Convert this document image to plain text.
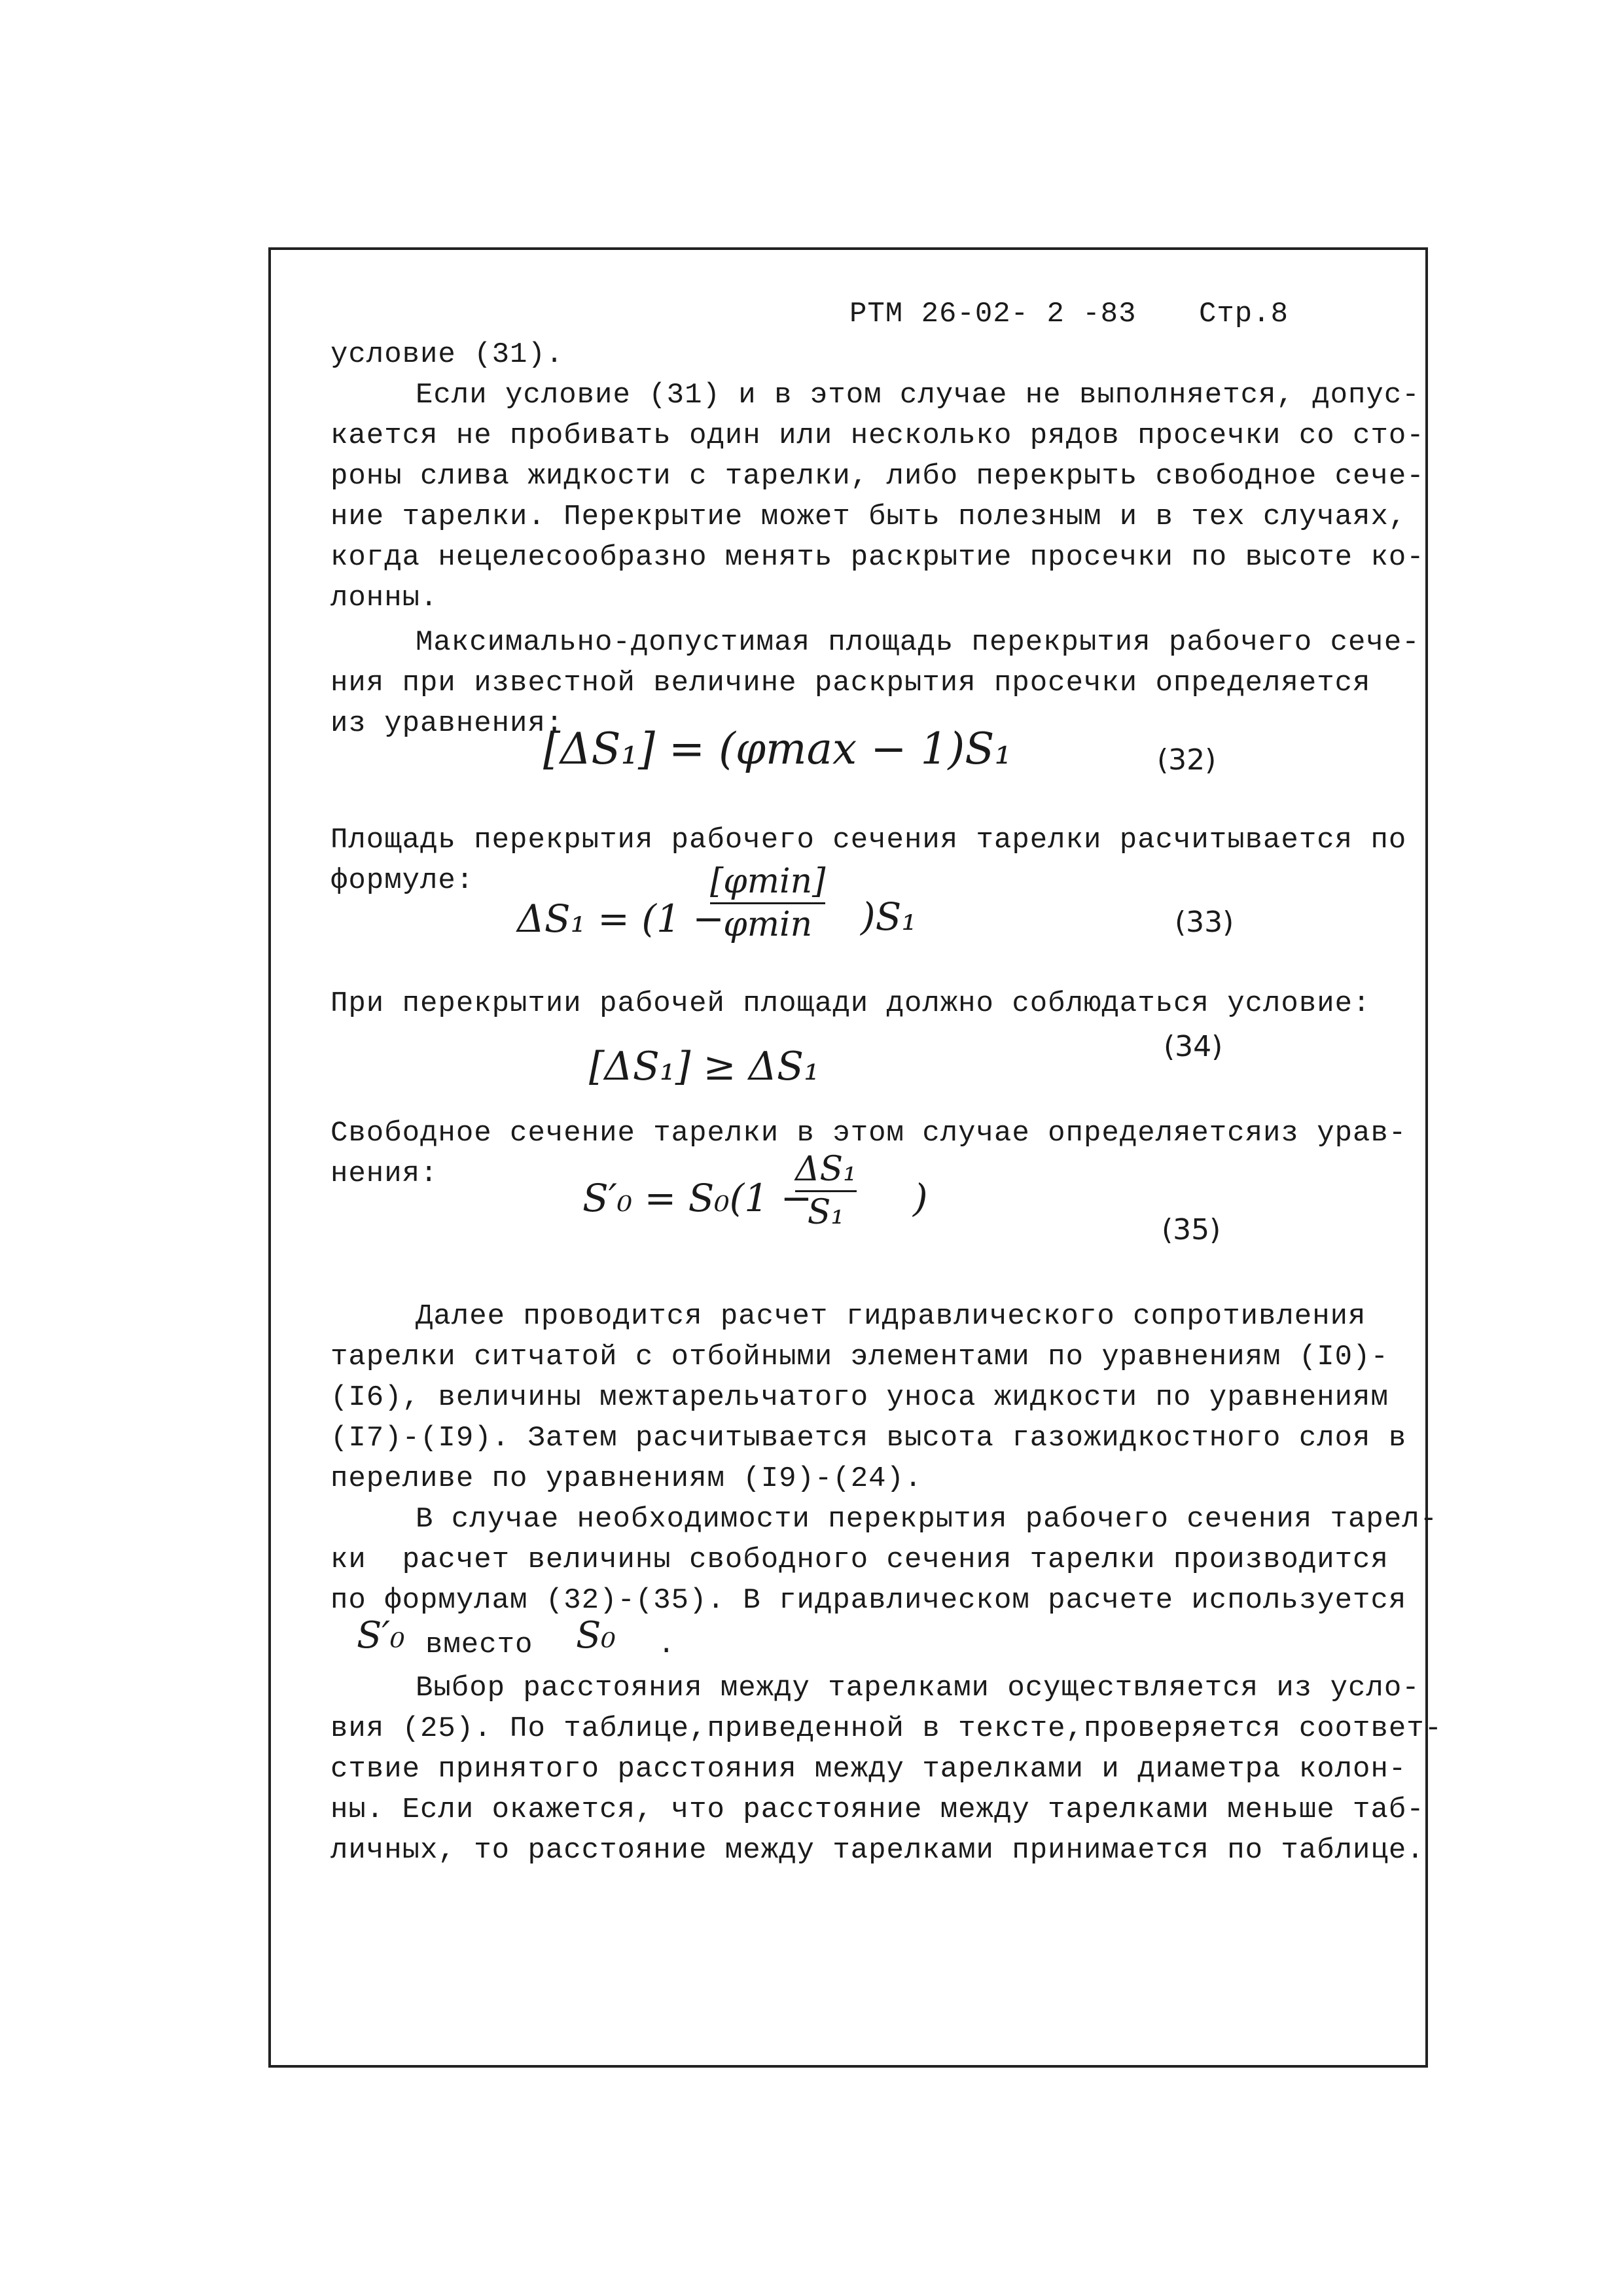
РТМ 26-02- 2 -83 Стр.8
условие (31).
Если условие (31) и в этом случае не выполняется, допус-
кается не пробивать один или несколько рядов просечки со сто-
роны слива жидкости с тарелки, либо перекрыть свободное сече-
ние тарелки. Перекрытие может быть полезным и в тех случаях,
когда нецелесообразно менять раскрытие просечки по высоте ко-
лонны.
Максимально-допустимая площадь перекрытия рабочего сече-
ния при известной величине раскрытия просечки определяется
из уравнения:
[ΔS₁] = (φmax − 1)S₁	(32)
Площадь перекрытия рабочего сечения тарелки расчитывается по
формуле:
ΔS₁ = (1 −
[φmin]
φmin )S₁	(33)
При перекрытии рабочей площади должно соблюдаться условие:
(34)
[ΔS₁] ≥ ΔS₁
Свободное сечение тарелки в этом случае определяетсяиз урав-
нения:
S′₀ = S₀(1 −
ΔS₁
S₁ )
(35)
Далее проводится расчет гидравлического сопротивления
тарелки ситчатой с отбойными элементами по уравнениям (I0)-
(I6), величины межтарельчатого уноса жидкости по уравнениям
(I7)-(I9). Затем расчитывается высота газожидкостного слоя в
переливе по уравнениям (I9)-(24).
В случае необходимости перекрытия рабочего сечения тарел-
ки  расчет величины свободного сечения тарелки производится
по формулам (32)-(35). В гидравлическом расчете используется
S′₀ вместо S₀ .
Выбор расстояния между тарелками осуществляется из усло-
вия (25). По таблице,приведенной в тексте,проверяется соответ-
ствие принятого расстояния между тарелками и диаметра колон-
ны. Если окажется, что расстояние между тарелками меньше таб-
личных, то расстояние между тарелками принимается по таблице.
